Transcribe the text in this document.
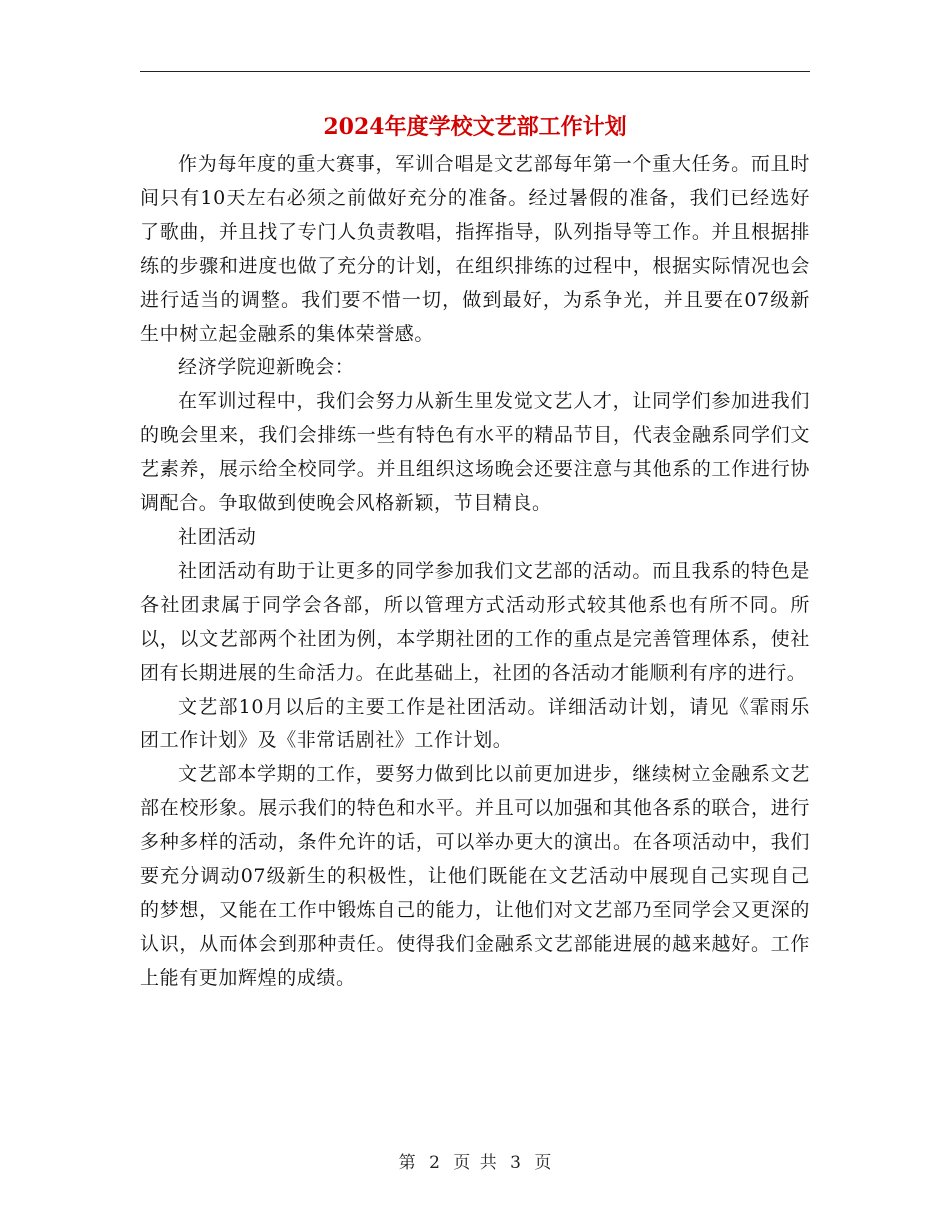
2024年度学校文艺部工作计划

作为每年度的重大赛事，军训合唱是文艺部每年第一个重大任务。而且时间只有10天左右必须之前做好充分的准备。经过暑假的准备，我们已经选好了歌曲，并且找了专门人负责教唱，指挥指导，队列指导等工作。并且根据排练的步骤和进度也做了充分的计划，在组织排练的过程中，根据实际情况也会进行适当的调整。我们要不惜一切，做到最好，为系争光，并且要在07级新生中树立起金融系的集体荣誉感。

经济学院迎新晚会：

在军训过程中，我们会努力从新生里发觉文艺人才，让同学们参加进我们的晚会里来，我们会排练一些有特色有水平的精品节目，代表金融系同学们文艺素养，展示给全校同学。并且组织这场晚会还要注意与其他系的工作进行协调配合。争取做到使晚会风格新颖，节目精良。

社团活动

社团活动有助于让更多的同学参加我们文艺部的活动。而且我系的特色是各社团隶属于同学会各部，所以管理方式活动形式较其他系也有所不同。所以，以文艺部两个社团为例，本学期社团的工作的重点是完善管理体系，使社团有长期进展的生命活力。在此基础上，社团的各活动才能顺利有序的进行。

文艺部10月以后的主要工作是社团活动。详细活动计划，请见《霏雨乐团工作计划》及《非常话剧社》工作计划。

文艺部本学期的工作，要努力做到比以前更加进步，继续树立金融系文艺部在校形象。展示我们的特色和水平。并且可以加强和其他各系的联合，进行多种多样的活动，条件允许的话，可以举办更大的演出。在各项活动中，我们要充分调动07级新生的积极性，让他们既能在文艺活动中展现自己实现自己的梦想，又能在工作中锻炼自己的能力，让他们对文艺部乃至同学会又更深的认识，从而体会到那种责任。使得我们金融系文艺部能进展的越来越好。工作上能有更加辉煌的成绩。

第 2 页 共 3 页
